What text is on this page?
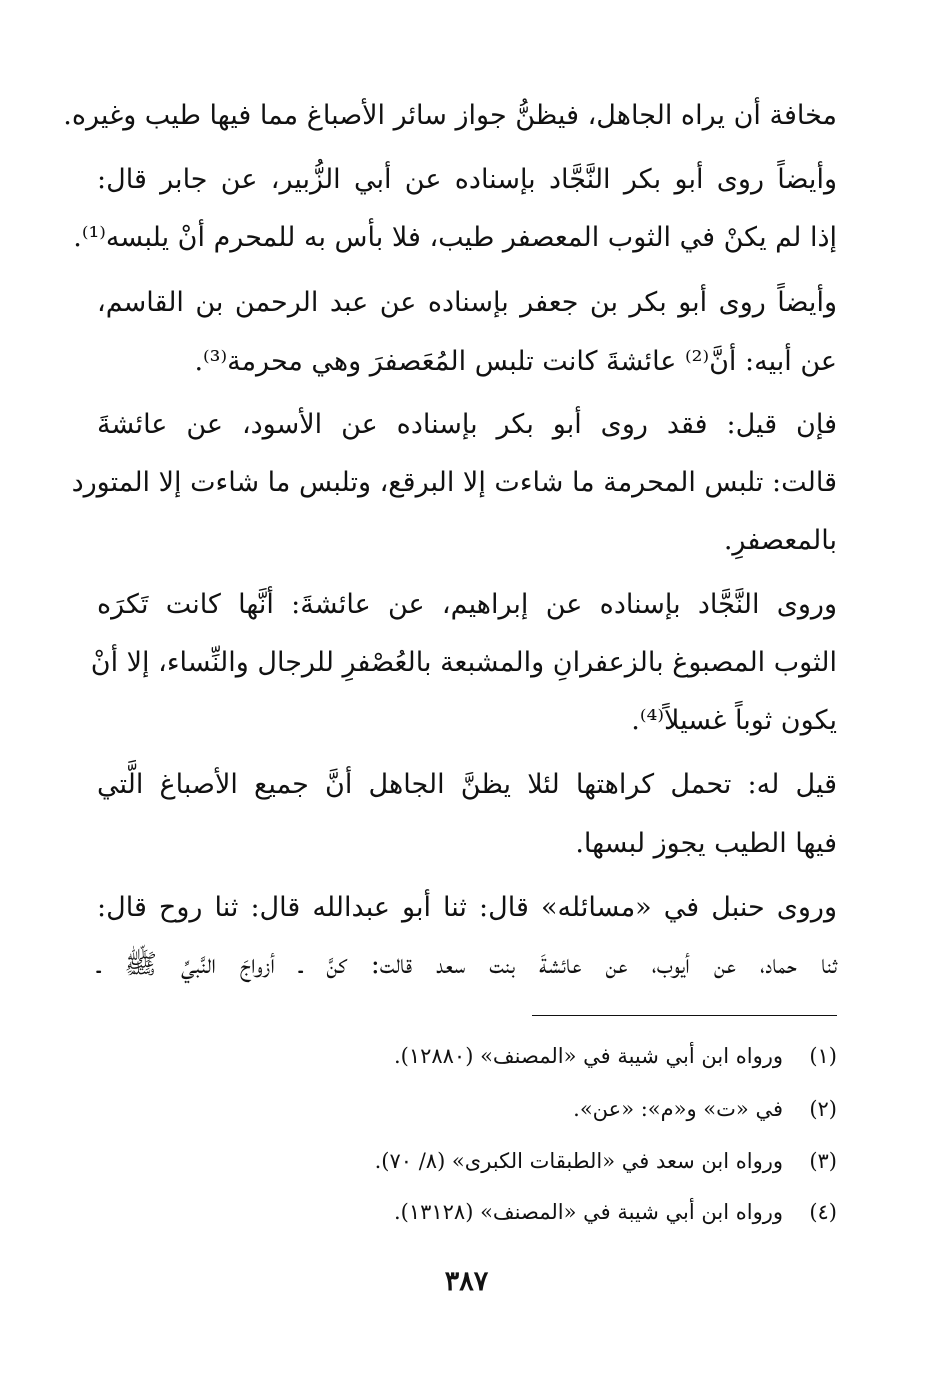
مخافة أن يراه الجاهل، فيظنُّ جواز سائر الأصباغ مما فيها طيب وغيره.
وأيضاً روى أبو بكر النَّجَّاد بإسناده عن أبي الزُّبير، عن جابر قال:
إذا لم يكنْ في الثوب المعصفر طيب، فلا بأس به للمحرم أنْ يلبسه⁽¹⁾.
وأيضاً روى أبو بكر بن جعفر بإسناده عن عبد الرحمن بن القاسم،
عن أبيه: أنَّ⁽²⁾ عائشةَ كانت تلبس المُعَصفرَ وهي محرمة⁽³⁾.
فإن قيل: فقد روى أبو بكر بإسناده عن الأسود، عن عائشةَ
قالت: تلبس المحرمة ما شاءت إلا البرقع، وتلبس ما شاءت إلا المتورد
بالمعصفرِ.
وروى النَّجَّاد بإسناده عن إبراهيم، عن عائشةَ: أنَّها كانت تَكرَه
الثوب المصبوغ بالزعفرانِ والمشبعة بالعُصْفرِ للرجال والنِّساء، إلا أنْ
يكون ثوباً غسيلاً⁽⁴⁾.
قيل له: تحمل كراهتها لئلا يظنَّ الجاهل أنَّ جميع الأصباغ الَّتي
فيها الطيب يجوز لبسها.
وروى حنبل في «مسائله» قال: ثنا أبو عبدالله قال: ثنا روح قال:
ثنا حماد، عن أيوب، عن عائشةَ بنت سعد قالت: كنَّ ـ أزواجَ النَّبيِّ ﷺ ـ
(١)ورواه ابن أبي شيبة في «المصنف» (١٢٨٨٠).
(٢)في «ت» و«م»: «عن».
(٣)ورواه ابن سعد في «الطبقات الكبرى» (٨/ ٧٠).
(٤)ورواه ابن أبي شيبة في «المصنف» (١٣١٢٨).
٣٨٧
